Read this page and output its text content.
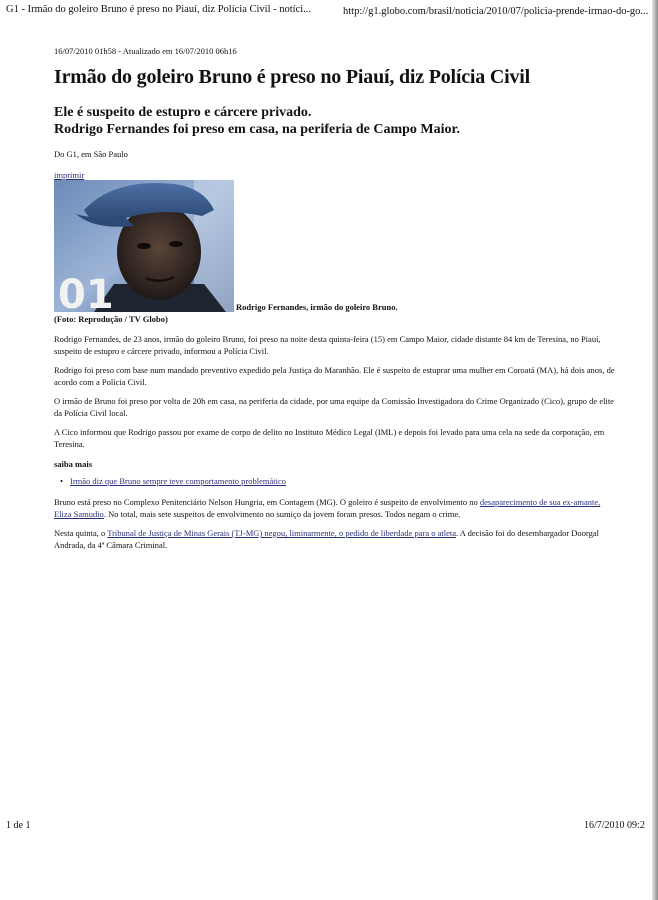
G1 - Irmão do goleiro Bruno é preso no Piauí, diz Polícia Civil - notíci...	http://g1.globo.com/brasil/noticia/2010/07/policia-prende-irmao-do-go...
16/07/2010 01h58 - Atualizado em 16/07/2010 06h16
Irmão do goleiro Bruno é preso no Piauí, diz Polícia Civil
Ele é suspeito de estupro e cárcere privado.
Rodrigo Fernandes foi preso em casa, na periferia de Campo Maior.
Do G1, em São Paulo
imprimir
01	Rodrigo Fernandes, irmão do goleiro Bruno.
(Foto: Reprodução / TV Globo)
Rodrigo Fernandes, de 23 anos, irmão do goleiro Bruno, foi preso na noite desta quinta-feira (15) em Campo Maior, cidade distante 84 km de Teresina, no Piauí, suspeito de estupro e cárcere privado, informou a Polícia Civil.
Rodrigo foi preso com base num mandado preventivo expedido pela Justiça do Maranhão. Ele é suspeito de estuprar uma mulher em Coroatá (MA), há dois anos, de acordo com a Polícia Civil.
O irmão de Bruno foi preso por volta de 20h em casa, na periferia da cidade, por uma equipe da Comissão Investigadora do Crime Organizado (Cico), grupo de elite da Polícia Civil local.
A Cico informou que Rodrigo passou por exame de corpo de delito no Instituto Médico Legal (IML) e depois foi levado para uma cela na sede da corporação, em Teresina.
saiba mais
• Irmão diz que Bruno sempre teve comportamento problemático
Bruno está preso no Complexo Penitenciário Nelson Hungria, em Contagem (MG). O goleiro é suspeito de envolvimento no desaparecimento de sua ex-amante, Eliza Samudio. No total, mais sete suspeitos de envolvimento no sumiço da jovem foram presos. Todos negam o crime.
Nesta quinta, o Tribunal de Justiça de Minas Gerais (TJ-MG) negou, liminarmente, o pedido de liberdade para o atleta. A decisão foi do desembargador Doorgal Andrada, da 4ª Câmara Criminal.
1 de 1	16/7/2010 09:2
